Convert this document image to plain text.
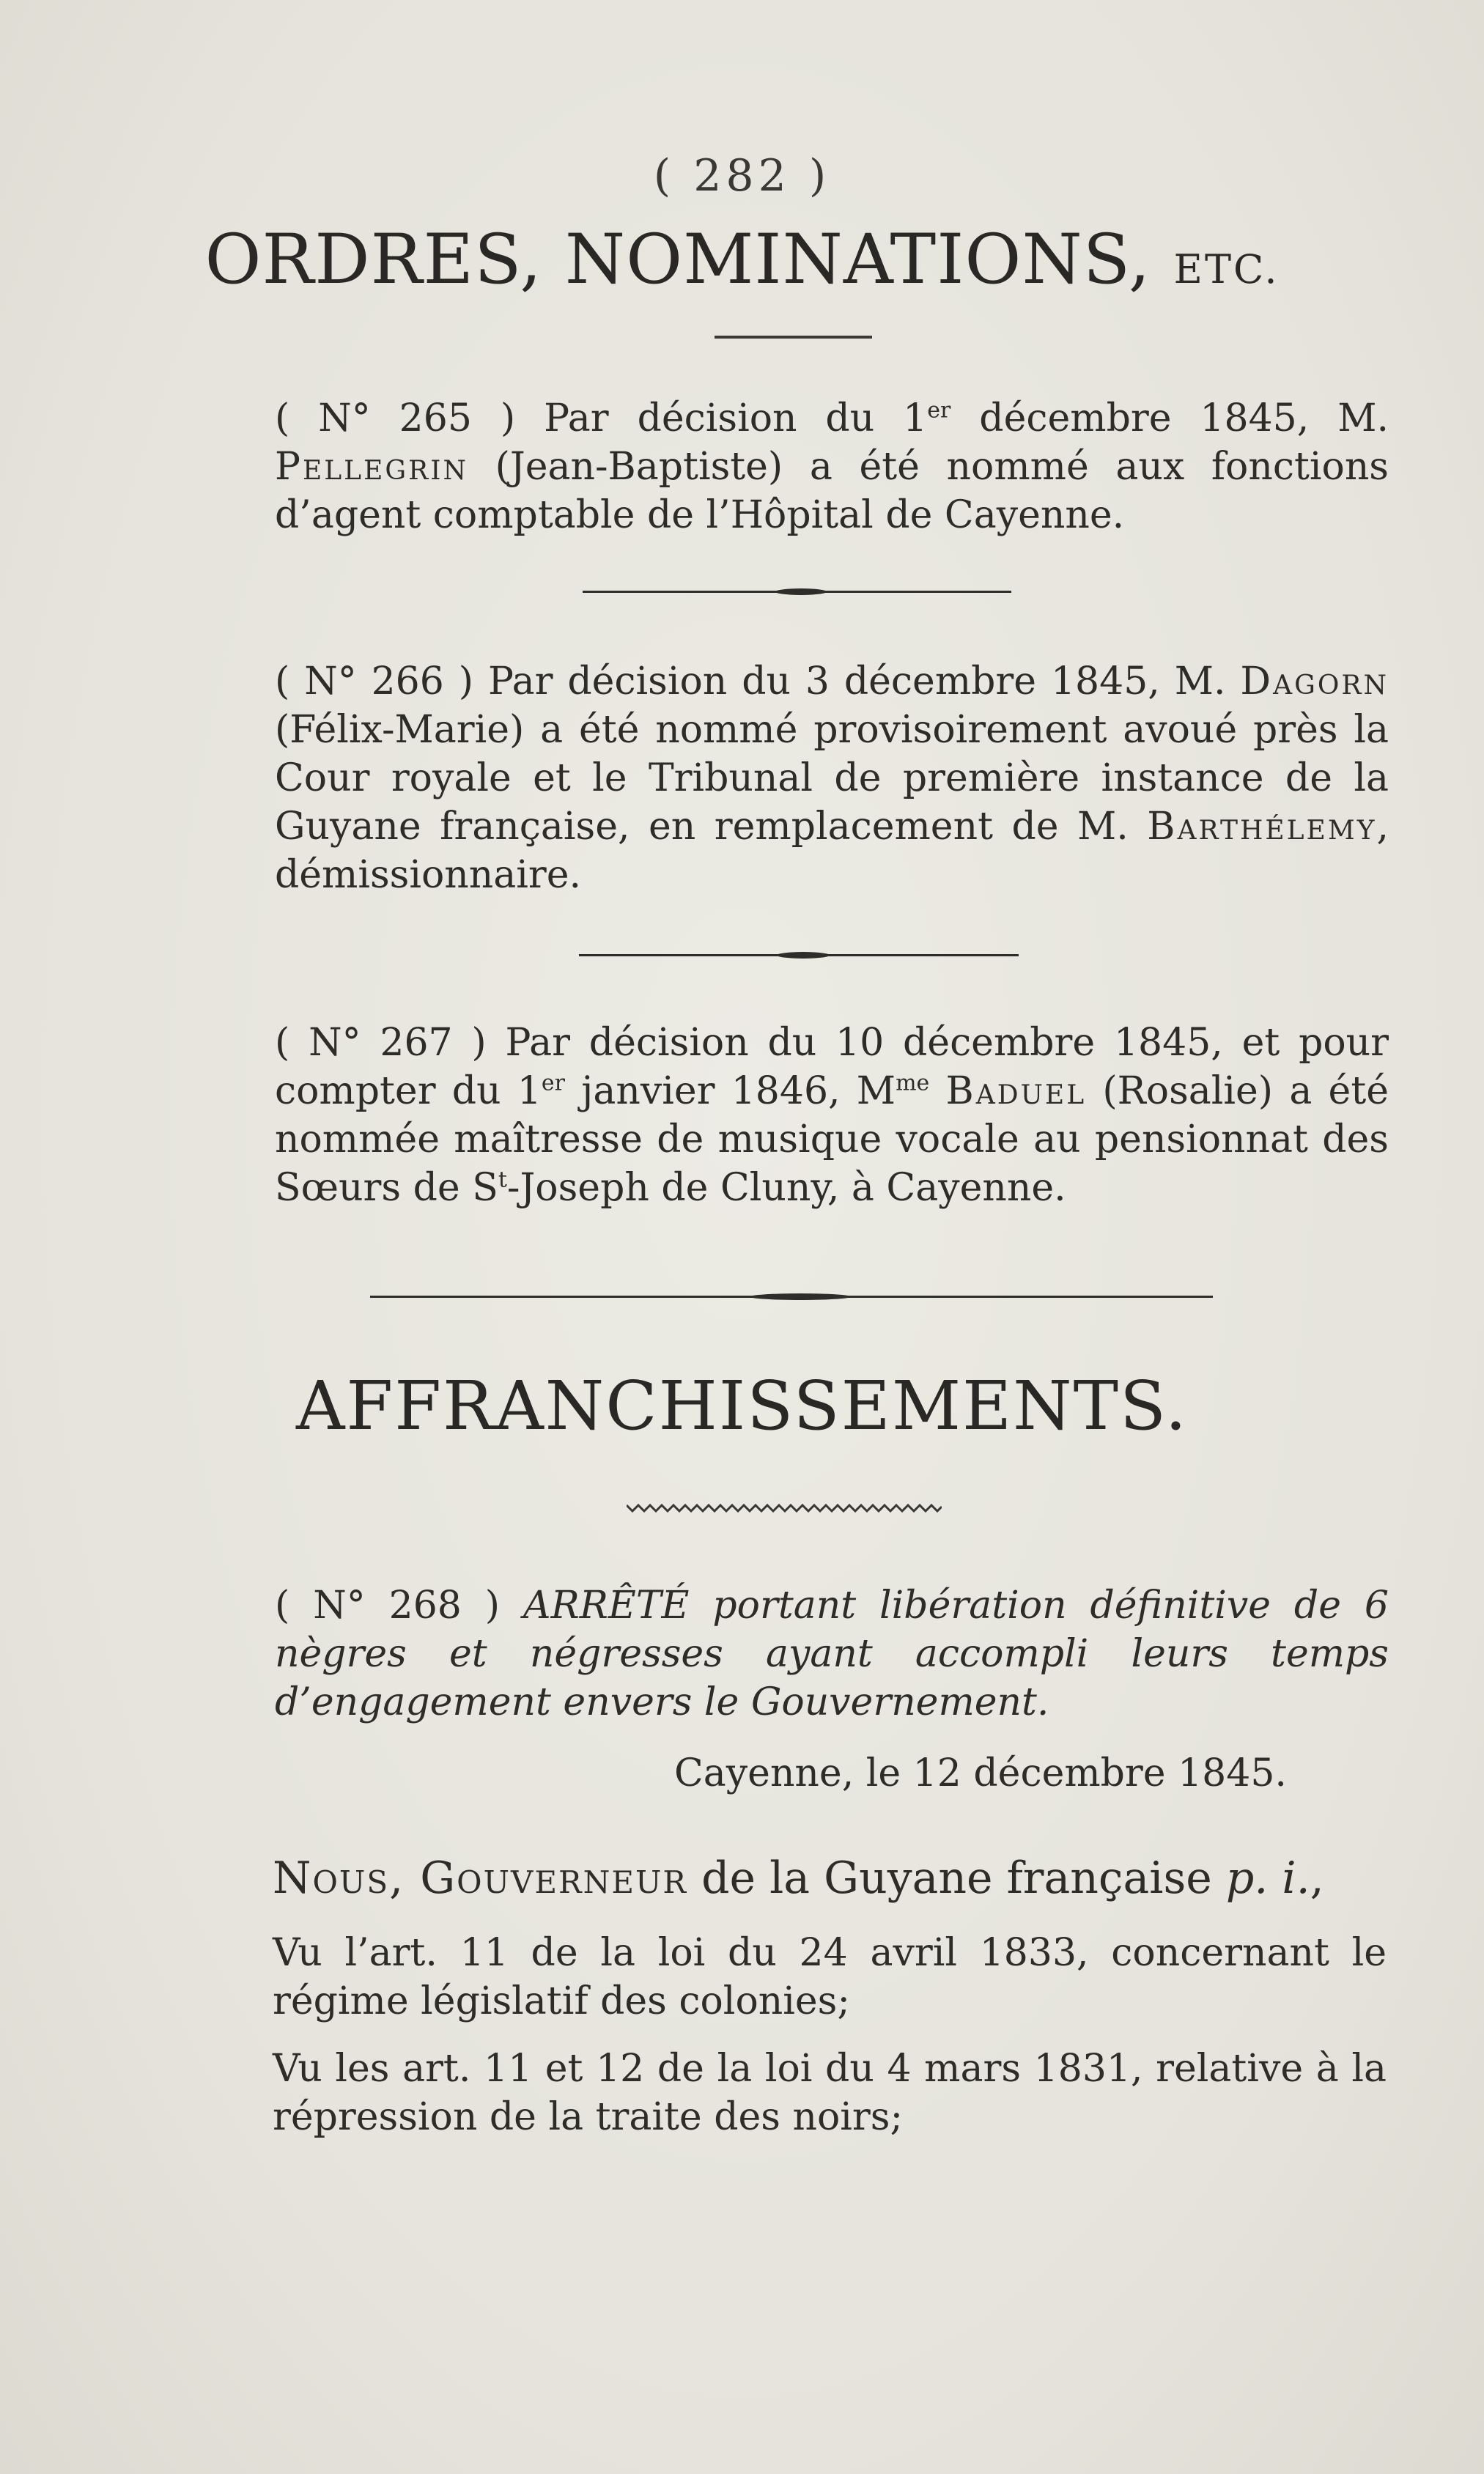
( 282 )
ORDRES, NOMINATIONS, ETC.
( N° 265 ) Par décision du 1er décembre 1845, M. Pellegrin (Jean-Baptiste) a été nommé aux fonctions d’agent comptable de l’Hôpital de Cayenne.
( N° 266 ) Par décision du 3 décembre 1845, M. Dagorn (Félix-Marie) a été nommé provisoirement avoué près la Cour royale et le Tribunal de première instance de la Guyane française, en remplacement de M. Barthélemy, démissionnaire.
( N° 267 ) Par décision du 10 décembre 1845, et pour compter du 1er janvier 1846, $M^{me}$ Baduel (Rosalie) a été nommée maîtresse de musique vocale au pensionnat des Sœurs de $S^t$-Joseph de Cluny, à Cayenne.
AFFRANCHISSEMENTS.
( N° 268 ) ARRÊTÉ portant libération définitive de 6 nègres et négresses ayant accompli leurs temps d’engagement envers le Gouvernement.
Cayenne, le 12 décembre 1845.
Nous, Gouverneur de la Guyane française p. i.,
Vu l’art. 11 de la loi du 24 avril 1833, concernant le régime législatif des colonies;
Vu les art. 11 et 12 de la loi du 4 mars 1831, relative à la répression de la traite des noirs;
